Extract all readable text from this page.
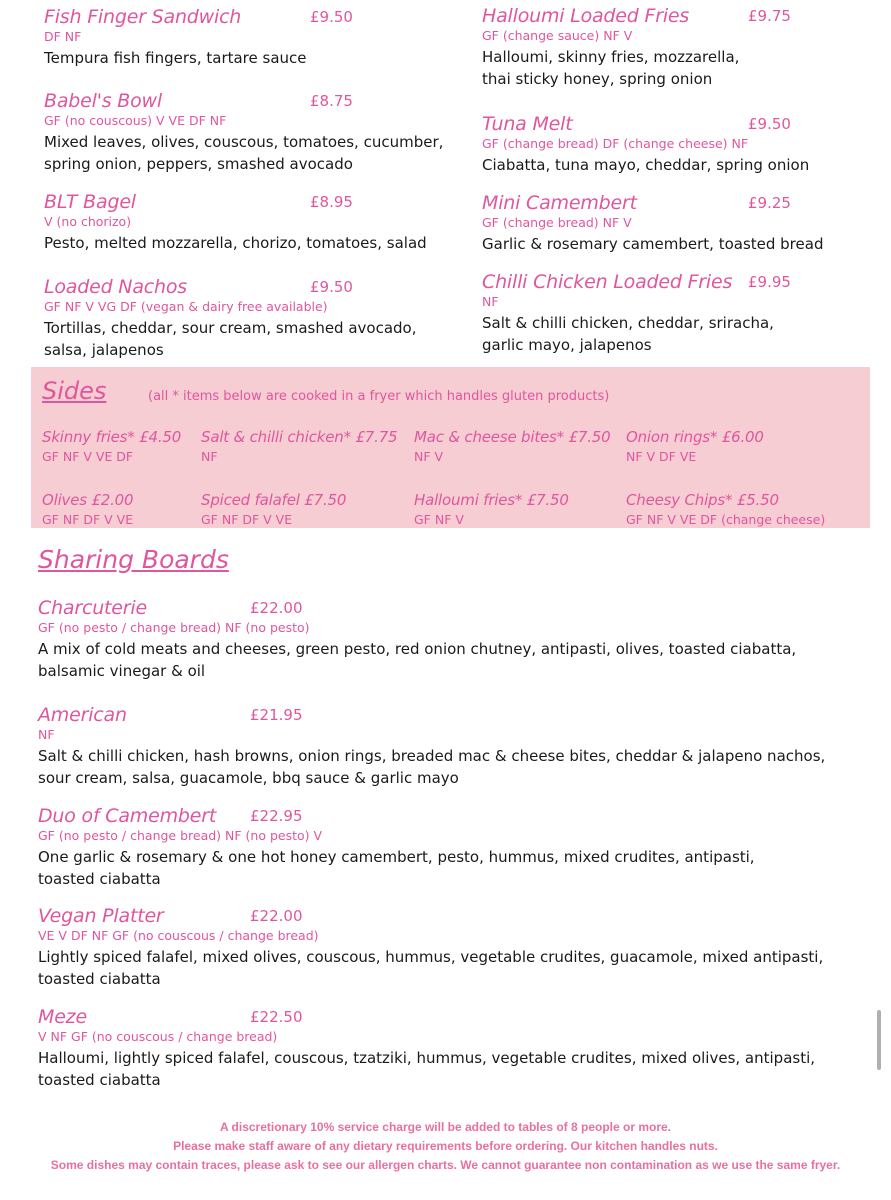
Fish Finger Sandwich	£9.50
DF NF
Tempura fish fingers, tartare sauce
Babel's Bowl	£8.75
GF (no couscous) V VE DF NF
Mixed leaves, olives, couscous, tomatoes, cucumber,
spring onion, peppers, smashed avocado
BLT Bagel	£8.95
V (no chorizo)
Pesto, melted mozzarella, chorizo, tomatoes, salad
Loaded Nachos	£9.50
GF NF V VG DF (vegan & dairy free available)
Tortillas, cheddar, sour cream, smashed avocado,
salsa, jalapenos
Halloumi Loaded Fries	£9.75
GF (change sauce) NF V
Halloumi, skinny fries, mozzarella,
thai sticky honey, spring onion
Tuna Melt	£9.50
GF (change bread) DF (change cheese) NF
Ciabatta, tuna mayo, cheddar, spring onion
Mini Camembert	£9.25
GF (change bread) NF V
Garlic & rosemary camembert, toasted bread
Chilli Chicken Loaded Fries £9.95
NF
Salt & chilli chicken, cheddar, sriracha,
garlic mayo, jalapenos
Sides	(all * items below are cooked in a fryer which handles gluten products)
Skinny fries* £4.50
GF NF V VE DF
Salt & chilli chicken* £7.75
NF
Mac & cheese bites* £7.50
NF V
Onion rings* £6.00
NF V DF VE
Olives £2.00
GF NF DF V VE
Spiced falafel £7.50
GF NF DF V VE
Halloumi fries* £7.50
GF NF V
Cheesy Chips* £5.50
GF NF V VE DF (change cheese)
Sharing Boards
Charcuterie	£22.00
GF (no pesto / change bread) NF (no pesto)
A mix of cold meats and cheeses, green pesto, red onion chutney, antipasti, olives, toasted ciabatta,
balsamic vinegar & oil
American	£21.95
NF
Salt & chilli chicken, hash browns, onion rings, breaded mac & cheese bites, cheddar & jalapeno nachos,
sour cream, salsa, guacamole, bbq sauce & garlic mayo
Duo of Camembert £22.95
GF (no pesto / change bread) NF (no pesto) V
One garlic & rosemary & one hot honey camembert, pesto, hummus, mixed crudites, antipasti,
toasted ciabatta
Vegan Platter	£22.00
VE V DF NF GF (no couscous / change bread)
Lightly spiced falafel, mixed olives, couscous, hummus, vegetable crudites, guacamole, mixed antipasti,
toasted ciabatta
Meze	£22.50
V NF GF (no couscous / change bread)
Halloumi, lightly spiced falafel, couscous, tzatziki, hummus, vegetable crudites, mixed olives, antipasti,
toasted ciabatta
A discretionary 10% service charge will be added to tables of 8 people or more.
Please make staff aware of any dietary requirements before ordering. Our kitchen handles nuts.
Some dishes may contain traces, please ask to see our allergen charts. We cannot guarantee non contamination as we use the same fryer.
